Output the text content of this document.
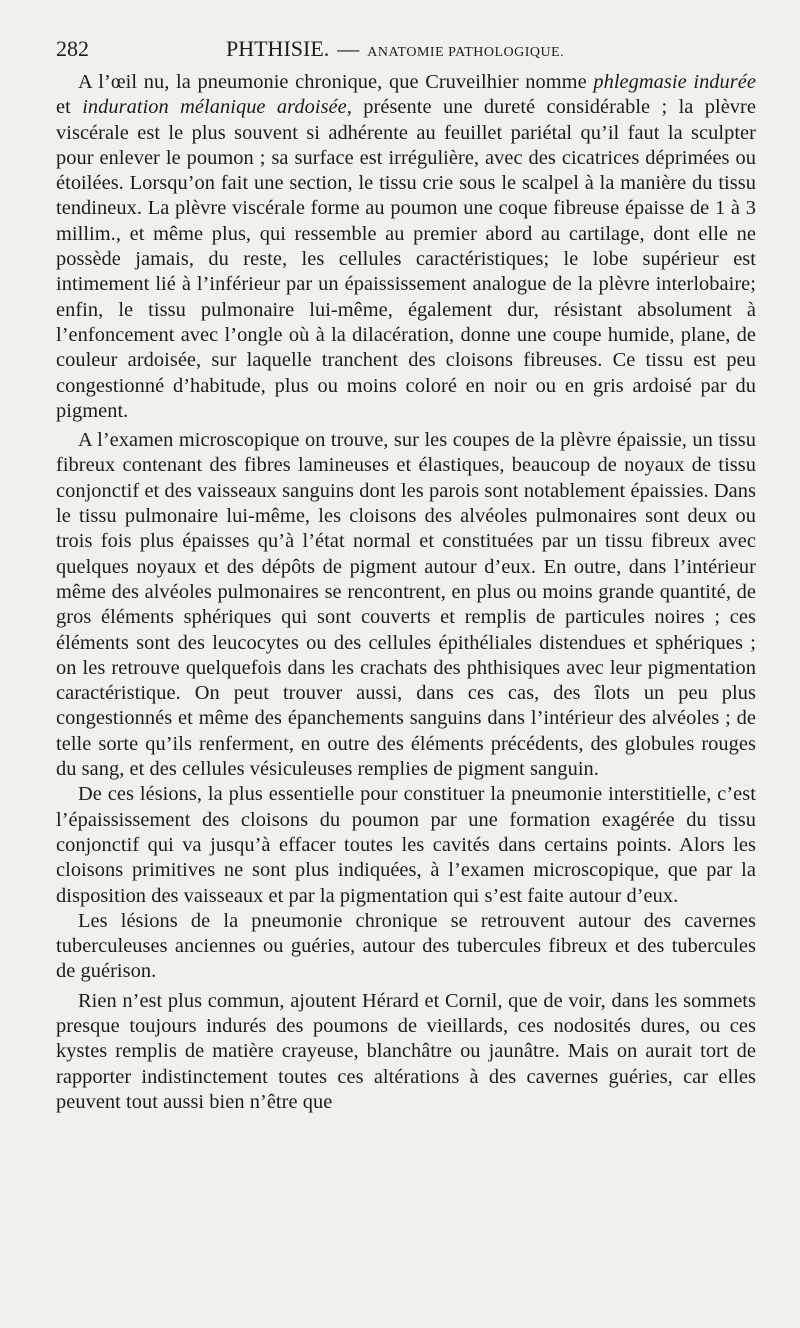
282	PHTHISIE. — ANATOMIE PATHOLOGIQUE.

A l’œil nu, la pneumonie chronique, que Cruveilhier nomme phlegmasie indurée et induration mélanique ardoisée, présente une dureté considérable ; la plèvre viscérale est le plus souvent si adhérente au feuillet pariétal qu’il faut la sculpter pour enlever le poumon ; sa surface est irrégulière, avec des cicatrices déprimées ou étoilées. Lorsqu’on fait une section, le tissu crie sous le scalpel à la manière du tissu tendineux. La plèvre viscérale forme au poumon une coque fibreuse épaisse de 1 à 3 millim., et même plus, qui ressemble au premier abord au cartilage, dont elle ne possède jamais, du reste, les cellules caractéristiques; le lobe supérieur est intimement lié à l’inférieur par un épaississement analogue de la plèvre interlobaire; enfin, le tissu pulmonaire lui-même, également dur, résistant absolument à l’enfoncement avec l’ongle où à la dilacération, donne une coupe humide, plane, de couleur ardoisée, sur laquelle tranchent des cloisons fibreuses. Ce tissu est peu congestionné d’habitude, plus ou moins coloré en noir ou en gris ardoisé par du pigment.

A l’examen microscopique on trouve, sur les coupes de la plèvre épaissie, un tissu fibreux contenant des fibres lamineuses et élastiques, beaucoup de noyaux de tissu conjonctif et des vaisseaux sanguins dont les parois sont notablement épaissies. Dans le tissu pulmonaire lui-même, les cloisons des alvéoles pulmonaires sont deux ou trois fois plus épaisses qu’à l’état normal et constituées par un tissu fibreux avec quelques noyaux et des dépôts de pigment autour d’eux. En outre, dans l’intérieur même des alvéoles pulmonaires se rencontrent, en plus ou moins grande quantité, de gros éléments sphériques qui sont couverts et remplis de particules noires ; ces éléments sont des leucocytes ou des cellules épithéliales distendues et sphériques ; on les retrouve quelquefois dans les crachats des phthisiques avec leur pigmentation caractéristique. On peut trouver aussi, dans ces cas, des îlots un peu plus congestionnés et même des épanchements sanguins dans l’intérieur des alvéoles ; de telle sorte qu’ils renferment, en outre des éléments précédents, des globules rouges du sang, et des cellules vésiculeuses remplies de pigment sanguin.

De ces lésions, la plus essentielle pour constituer la pneumonie interstitielle, c’est l’épaississement des cloisons du poumon par une formation exagérée du tissu conjonctif qui va jusqu’à effacer toutes les cavités dans certains points. Alors les cloisons primitives ne sont plus indiquées, à l’examen microscopique, que par la disposition des vaisseaux et par la pigmentation qui s’est faite autour d’eux.

Les lésions de la pneumonie chronique se retrouvent autour des cavernes tuberculeuses anciennes ou guéries, autour des tubercules fibreux et des tubercules de guérison.

Rien n’est plus commun, ajoutent Hérard et Cornil, que de voir, dans les sommets presque toujours indurés des poumons de vieillards, ces nodosités dures, ou ces kystes remplis de matière crayeuse, blanchâtre ou jaunâtre. Mais on aurait tort de rapporter indistinctement toutes ces altérations à des cavernes guéries, car elles peuvent tout aussi bien n’être que
